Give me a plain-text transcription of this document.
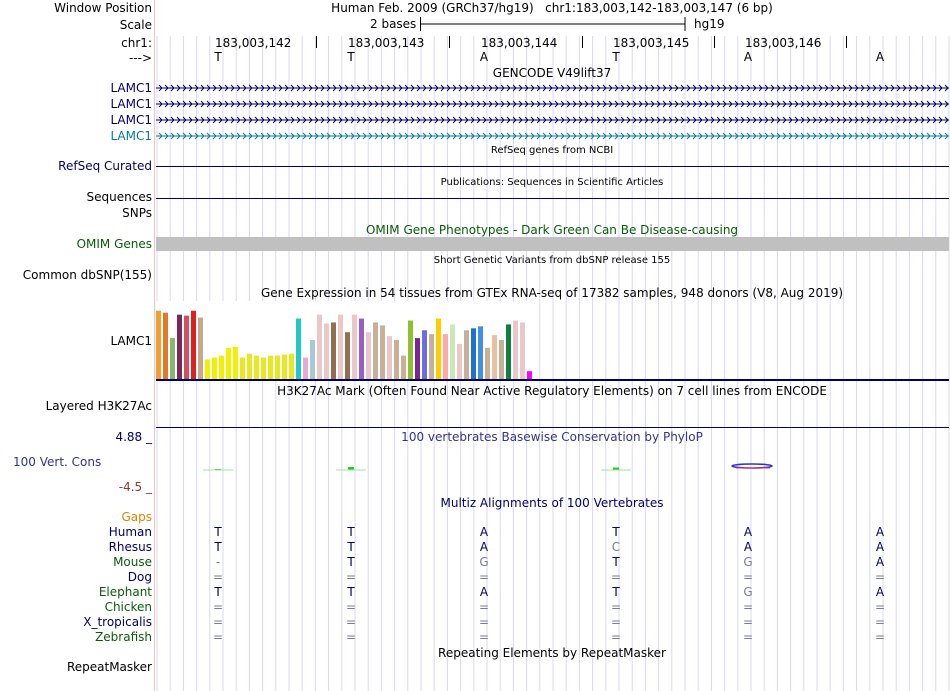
Window Position	Human Feb. 2009 (GRCh37/hg19)   chr1:183,003,142-183,003,147 (6 bp)
Scale	2 bases	hg19
chr1:	183,003,142	183,003,143	183,003,144	183,003,145	183,003,146
--->	T	T	A	T	A	A
GENCODE V49lift37
LAMC1
LAMC1
LAMC1
LAMC1
RefSeq Curated
RefSeq genes from NCBI
Publications: Sequences in Scientific Articles
Sequences
SNPs
OMIM Gene Phenotypes - Dark Green Can Be Disease-causing
OMIM Genes
Short Genetic Variants from dbSNP release 155
Common dbSNP(155)
Gene Expression in 54 tissues from GTEx RNA-seq of 17382 samples, 948 donors (V8, Aug 2019)
LAMC1
H3K27Ac Mark (Often Found Near Active Regulatory Elements) on 7 cell lines from ENCODE
Layered H3K27Ac
4.88 _	100 vertebrates Basewise Conservation by PhyloP
100 Vert. Cons
-4.5 _
Multiz Alignments of 100 Vertebrates
Gaps
Human	T	T	A	T	A	A
Rhesus	T	T	A	C	A	A
Mouse	-	T	G	T	G	A
Dog	=	=	=	=	=	=
Elephant	T	T	A	T	G	A
Chicken	=	=	=	=	=	=
X_tropicalis	=	=	=	=	=	=
Zebrafish	=	=	=	=	=	=
Repeating Elements by RepeatMasker
RepeatMasker
